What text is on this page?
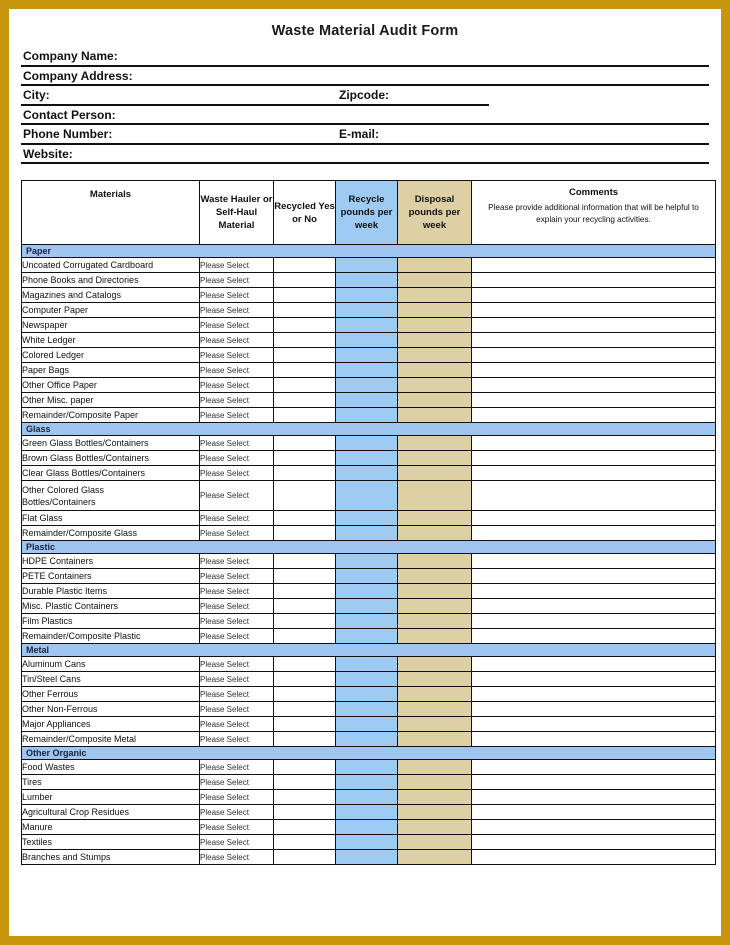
Waste Material Audit Form
Company Name:
Company Address:
City:	Zipcode:
Contact Person:
Phone Number:	E-mail:
Website:
Materials	Waste Hauler or Self-Haul Material	Recycled Yes or No	Recycle pounds per week	Disposal pounds per week	Comments
Please provide additional information that will be helpful to explain your recycling activities.

Paper					

Uncoated Corrugated Cardboard	Please Select				
Phone Books and Directories	Please Select				
Magazines and Catalogs	Please Select				
Computer Paper	Please Select				
Newspaper	Please Select				
White Ledger	Please Select				
Colored Ledger	Please Select				
Paper Bags	Please Select				
Other Office Paper	Please Select				
Other Misc. paper	Please Select				
Remainder/Composite Paper	Please Select				

Glass					

Green Glass Bottles/Containers	Please Select				
Brown Glass Bottles/Containers	Please Select				
Clear Glass Bottles/Containers	Please Select				
Other Colored Glass
Bottles/Containers	Please Select				
Flat Glass	Please Select				
Remainder/Composite Glass	Please Select				

Plastic					

HDPE Containers	Please Select				
PETE Containers	Please Select				
Durable Plastic Items	Please Select				
Misc. Plastic Containers	Please Select				
Film Plastics	Please Select				
Remainder/Composite Plastic	Please Select				

Metal					

Aluminum Cans	Please Select				
Tin/Steel Cans	Please Select				
Other Ferrous	Please Select				
Other Non-Ferrous	Please Select				
Major Appliances	Please Select				
Remainder/Composite Metal	Please Select				

Other Organic					

Food Wastes	Please Select				
Tires	Please Select				
Lumber	Please Select				
Agricultural Crop Residues	Please Select				
Manure	Please Select				
Textiles	Please Select				
Branches and Stumps	Please Select				
